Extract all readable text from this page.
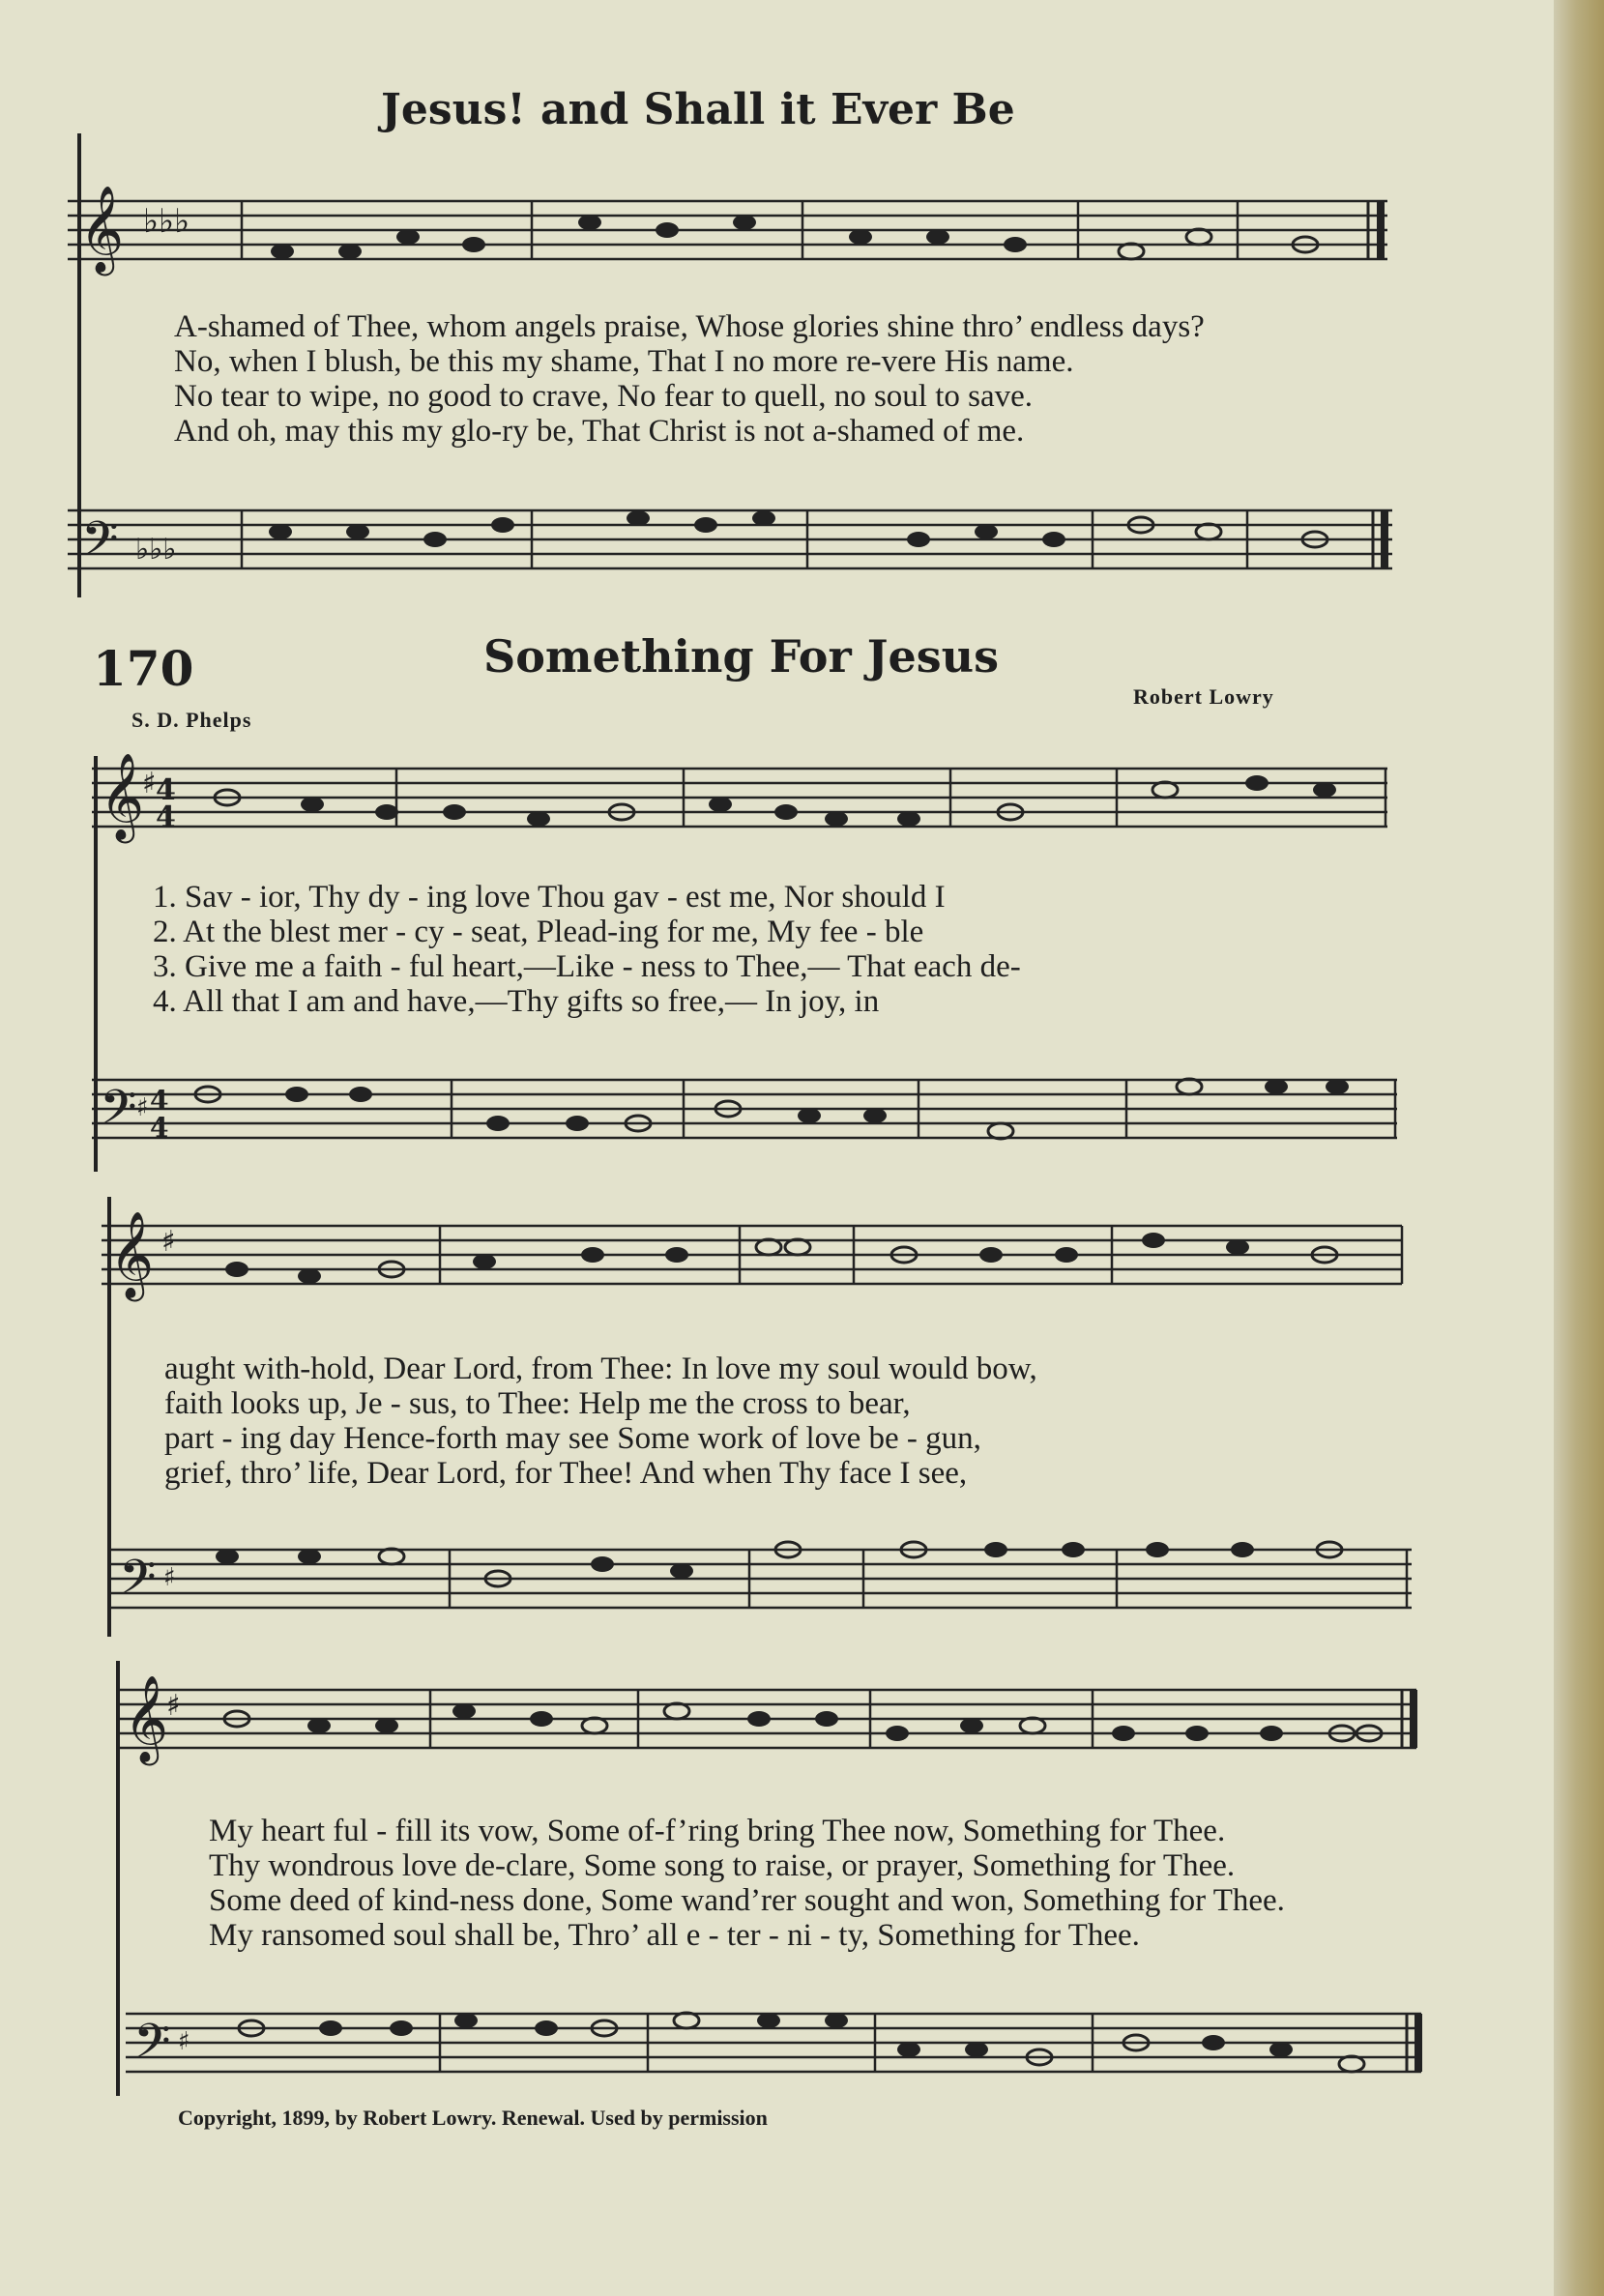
Jesus! and Shall it Ever Be
𝄞 ♭♭♭
A-shamed of Thee, whom angels praise, Whose glories shine thro’ endless days?
No, when I blush, be this my shame, That I no more re-vere His name.
No tear to wipe, no good to crave, No fear to quell, no soul to save.
And oh, may this my glo-ry be, That Christ is not a-shamed of me.
𝄢 ♭♭♭
170	Something For Jesus
S. D. Phelps
Robert Lowry
𝄞
♯ 4
4
1. Sav - ior, Thy dy - ing love Thou gav - est me, Nor should I
2. At the blest mer - cy - seat, Plead-ing for me, My fee - ble
3. Give me a faith - ful heart,—Like - ness to Thee,— That each de-
4. All that I am and have,—Thy gifts so free,— In joy, in
𝄢 ♯ 4
4
𝄞 ♯
aught with-hold, Dear Lord, from Thee: In love my soul would bow,
faith looks up, Je - sus, to Thee: Help me the cross to bear,
part - ing day Hence-forth may see Some work of love be - gun,
grief, thro’ life, Dear Lord, for Thee! And when Thy face I see,
𝄢 ♯
𝄞
♯
My heart ful - fill its vow, Some of-f’ring bring Thee now, Something for Thee.
Thy wondrous love de-clare, Some song to raise, or prayer, Something for Thee.
Some deed of kind-ness done, Some wand’rer sought and won, Something for Thee.
My ransomed soul shall be, Thro’ all e - ter - ni - ty, Something for Thee.
𝄢 ♯
Copyright, 1899, by Robert Lowry. Renewal. Used by permission
